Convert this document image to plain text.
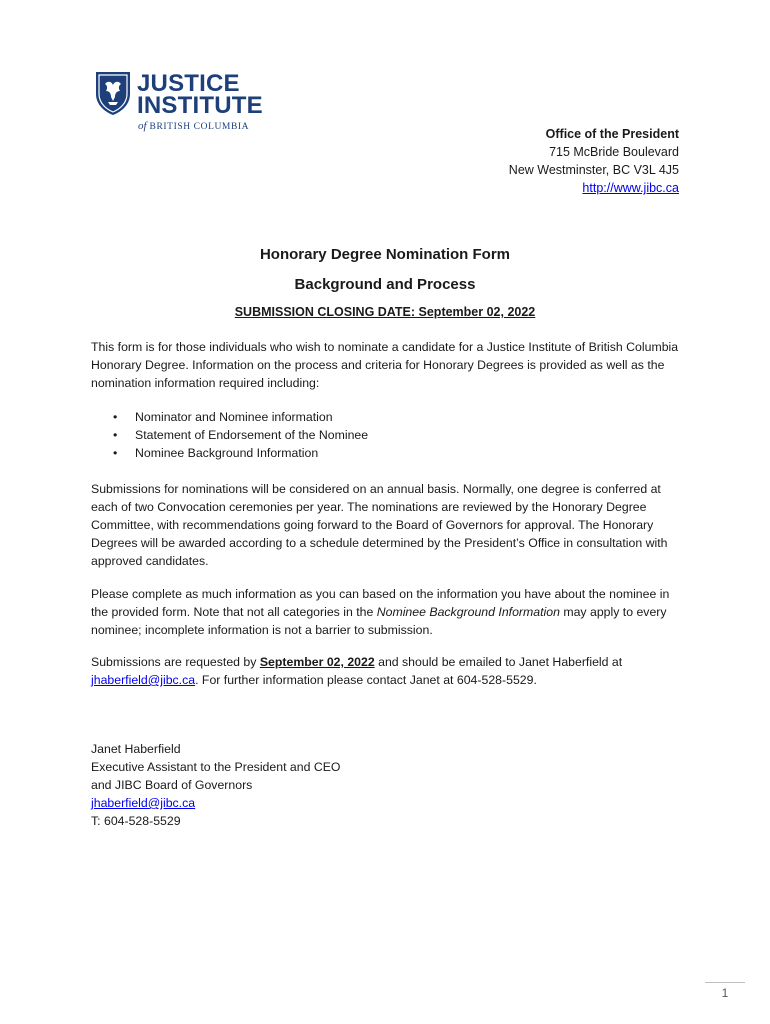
JUSTICE
INSTITUTE
of BRITISH COLUMBIA	Office of the President
715 McBride Boulevard
New Westminster, BC V3L 4J5
http://www.jibc.ca
Honorary Degree Nomination Form
Background and Process
SUBMISSION CLOSING DATE: September 02, 2022
This form is for those individuals who wish to nominate a candidate for a Justice Institute of British Columbia Honorary Degree. Information on the process and criteria for Honorary Degrees is provided as well as the nomination information required including:
• Nominator and Nominee information
• Statement of Endorsement of the Nominee
• Nominee Background Information
Submissions for nominations will be considered on an annual basis. Normally, one degree is conferred at each of two Convocation ceremonies per year. The nominations are reviewed by the Honorary Degree Committee, with recommendations going forward to the Board of Governors for approval. The Honorary Degrees will be awarded according to a schedule determined by the President’s Office in consultation with approved candidates.
Please complete as much information as you can based on the information you have about the nominee in the provided form. Note that not all categories in the Nominee Background Information may apply to every nominee; incomplete information is not a barrier to submission.
Submissions are requested by September 02, 2022 and should be emailed to Janet Haberfield at jhaberfield@jibc.ca. For further information please contact Janet at 604-528-5529.
Janet Haberfield
Executive Assistant to the President and CEO
and JIBC Board of Governors
jhaberfield@jibc.ca
T: 604-528-5529
1
